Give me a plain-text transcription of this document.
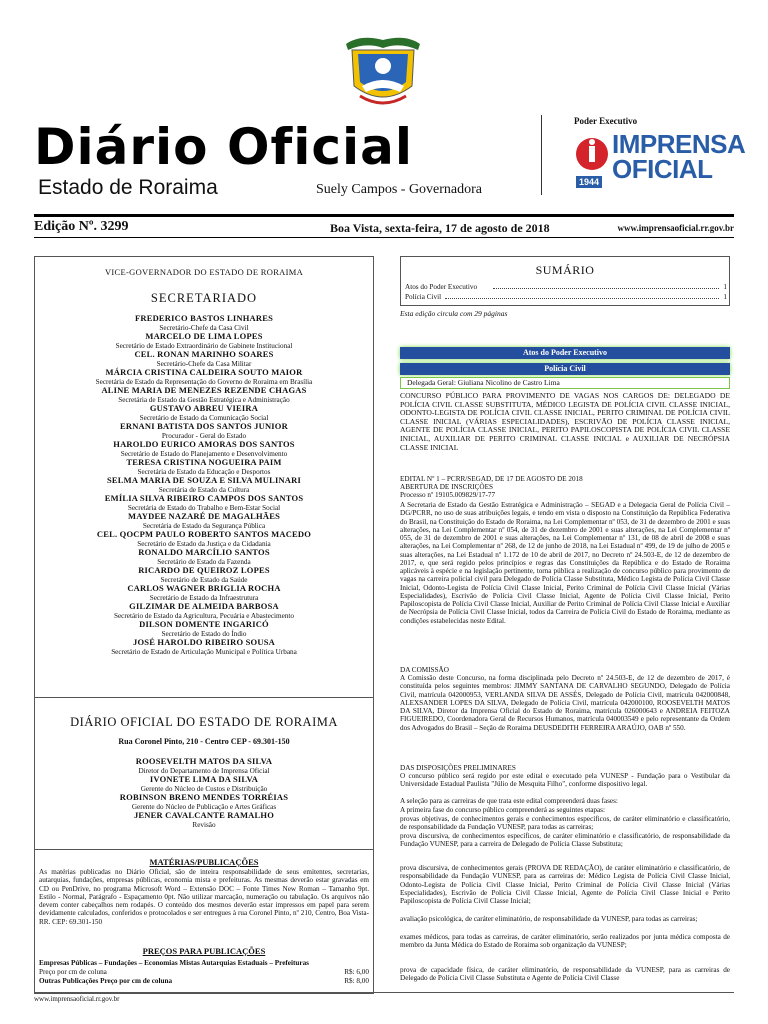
Diário Oficial
Estado de Roraima	Suely Campos - Governadora
Poder Executivo
IMPRENSA
OFICIAL
1944
Edição Nº. 3299	Boa Vista, sexta-feira, 17 de agosto de 2018	www.imprensaoficial.rr.gov.br
VICE-GOVERNADOR DO ESTADO DE RORAIMA
SECRETARIADO
FREDERICO BASTOS LINHARES
Secretário-Chefe da Casa Civil
MARCELO DE LIMA LOPES
Secretário de Estado Extraordinário de Gabinete Institucional
CEL. RONAN MARINHO SOARES
Secretário-Chefe da Casa Militar
MÁRCIA CRISTINA CALDEIRA SOUTO MAIOR
Secretária de Estado da Representação do Governo de Roraima em Brasília
ALINE MARIA DE MENEZES REZENDE CHAGAS
Secretária de Estado da Gestão Estratégica e Administração
GUSTAVO ABREU VIEIRA
Secretário de Estado da Comunicação Social
ERNANI BATISTA DOS SANTOS JUNIOR
Procurador - Geral do Estado
HAROLDO EURICO AMORAS DOS SANTOS
Secretário de Estado do Planejamento e Desenvolvimento
TERESA CRISTINA NOGUEIRA PAIM
Secretária de Estado da Educação e Desportos
SELMA MARIA DE SOUZA E SILVA MULINARI
Secretária de Estado da Cultura
EMÍLIA SILVA RIBEIRO CAMPOS DOS SANTOS
Secretária de Estado do Trabalho e Bem-Estar Social
MAYDEE NAZARÉ DE MAGALHÃES
Secretária de Estado da Segurança Pública
CEL. QOCPM PAULO ROBERTO SANTOS MACEDO
Secretário de Estado da Justiça e da Cidadania
RONALDO MARCÍLIO SANTOS
Secretário de Estado da Fazenda
RICARDO DE QUEIROZ LOPES
Secretário de Estado da Saúde
CARLOS WAGNER BRIGLIA ROCHA
Secretário de Estado da Infraestrutura
GILZIMAR DE ALMEIDA BARBOSA
Secretário de Estado da Agricultura, Pecuária e Abastecimento
DILSON DOMENTE INGARICÓ
Secretário de Estado do Índio
JOSÉ HAROLDO RIBEIRO SOUSA
Secretário de Estado de Articulação Municipal e Política Urbana
DIÁRIO OFICIAL DO ESTADO DE RORAIMA
Rua Coronel Pinto, 210 - Centro CEP - 69.301-150
ROOSEVELTH MATOS DA SILVA
Diretor do Departamento de Imprensa Oficial
IVONETE LIMA DA SILVA
Gerente do Núcleo de Custos e Distribuição
ROBINSON BRENO MENDES TORRÉIAS
Gerente do Núcleo de Publicação e Artes Gráficas
JENER CAVALCANTE RAMALHO
Revisão
MATÉRIAS/PUBLICAÇÕES
As matérias publicadas no Diário Oficial, são de inteira responsabilidade de seus emitentes, secretarias, autarquias, fundações, empresas públicas, economia mista e prefeituras. As mesmas deverão estar gravadas em CD ou PenDrive, no programa Microsoft Word – Extensão DOC – Fonte Times New Roman – Tamanho 9pt. Estilo - Normal, Parágrafo - Espaçamento 0pt. Não utilizar marcação, numeração ou tabulação. Os arquivos não devem conter cabeçalhos nem rodapés. O conteúdo dos mesmos deverão estar impressos em papel para serem devidamente calculados, conferidos e protocolados e ser entregues à rua Coronel Pinto, nº 210, Centro, Boa Vista-RR. CEP: 69.301-150
PREÇOS PARA PUBLICAÇÕES
Empresas Públicas – Fundações – Economias Mistas Autarquias Estaduais – Prefeituras
Preço por cm de coluna	R$: 6,00
Outras Publicações Preço por cm de coluna	R$: 8,00
SUMÁRIO
Atos do Poder Executivo	1
Polícia Civil	1
Esta edição circula com 29 páginas
Atos do Poder Executivo
Polícia Civil
Delegada Geral: Giuliana Nicolino de Castro Lima
CONCURSO PÚBLICO PARA PROVIMENTO DE VAGAS NOS CARGOS DE: DELEGADO DE POLÍCIA CIVIL CLASSE SUBSTITUTA, MÉDICO LEGISTA DE POLÍCIA CIVIL CLASSE INICIAL, ODONTO-LEGISTA DE POLÍCIA CIVIL CLASSE INICIAL, PERITO CRIMINAL DE POLÍCIA CIVIL CLASSE INICIAL (VÁRIAS ESPECIALIDADES), ESCRIVÃO DE POLÍCIA CLASSE INICIAL, AGENTE DE POLÍCIA CLASSE INICIAL, PERITO PAPILOSCOPISTA DE POLÍCIA CIVIL CLASSE INICIAL, AUXILIAR DE PERITO CRIMINAL CLASSE INICIAL e AUXILIAR DE NECRÓPSIA CLASSE INICIAL
EDITAL Nº 1 – PCRR/SEGAD, DE 17 DE AGOSTO DE 2018
ABERTURA DE INSCRIÇÕES
Processo nº 19105.009829/17-77
A Secretaria de Estado da Gestão Estratégica e Administração – SEGAD e a Delegacia Geral de Polícia Civil – DG/PCRR, no uso de suas atribuições legais, e tendo em vista o disposto na Constituição da República Federativa do Brasil, na Constituição do Estado de Roraima, na Lei Complementar nº 053, de 31 de dezembro de 2001 e suas alterações, na Lei Complementar nº 054, de 31 de dezembro de 2001 e suas alterações, na Lei Complementar nº 055, de 31 de dezembro de 2001 e suas alterações, na Lei Complementar nº 131, de 08 de abril de 2008 e suas alterações, na Lei Complementar nº 268, de 12 de junho de 2018, na Lei Estadual nº 499, de 19 de julho de 2005 e suas alterações, na Lei Estadual nº 1.172 de 10 de abril de 2017, no Decreto nº 24.503-E, de 12 de dezembro de 2017, e, que será regido pelos princípios e regras das Constituições da República e do Estado de Roraima aplicáveis à espécie e na legislação pertinente, torna pública a realização de concurso público para provimento de vagas na carreira policial civil para Delegado de Polícia Classe Substituta, Médico Legista de Polícia Civil Classe Inicial, Odonto-Legista de Polícia Civil Classe Inicial, Perito Criminal de Polícia Civil Classe Inicial (Várias Especialidades), Escrivão de Polícia Civil Classe Inicial, Agente de Polícia Civil Classe Inicial, Perito Papiloscopista de Polícia Civil Classe Inicial, Auxiliar de Perito Criminal de Polícia Civil Classe Inicial e Auxiliar de Necrópsia de Polícia Civil Classe Inicial, todos da Carreira de Polícia Civil do Estado de Roraima, mediante as condições estabelecidas neste Edital.
DA COMISSÃO
A Comissão deste Concurso, na forma disciplinada pelo Decreto nº 24.503-E, de 12 de dezembro de 2017, é constituída pelos seguintes membros: JIMMY SANTANA DE CARVALHO SEGUNDO, Delegado de Polícia Civil, matrícula 042000953, VERLANDA SILVA DE ASSÉS, Delegado de Polícia Civil, matrícula 042000848, ALEXSANDER LOPES DA SILVA, Delegado de Polícia Civil, matrícula 042000100, ROOSEVELTH MATOS DA SILVA, Diretor da Imprensa Oficial do Estado de Roraima, matrícula 026000643 e ANDREIA FEITOZA FIGUEIREDO, Coordenadora Geral de Recursos Humanos, matrícula 040003549 e pelo representante da Ordem dos Advogados do Brasil – Seção de Roraima DEUSDEDITH FERREIRA ARAÚJO, OAB nº 550.
DAS DISPOSIÇÕES PRELIMINARES
O concurso público será regido por este edital e executado pela VUNESP - Fundação para o Vestibular da Universidade Estadual Paulista "Júlio de Mesquita Filho", conforme dispositivo legal.
A seleção para as carreiras de que trata este edital compreenderá duas fases:
A primeira fase do concurso público compreenderá as seguintes etapas:
provas objetivas, de conhecimentos gerais e conhecimentos específicos, de caráter eliminatório e classificatório, de responsabilidade da Fundação VUNESP, para todas as carreiras;
prova discursiva, de conhecimentos específicos, de caráter eliminatório e classificatório, de responsabilidade da Fundação VUNESP, para a carreira de Delegado de Polícia Classe Substituta;
prova discursiva, de conhecimentos gerais (PROVA DE REDAÇÃO), de caráter eliminatório e classificatório, de responsabilidade da Fundação VUNESP, para as carreiras de: Médico Legista de Polícia Civil Classe Inicial, Odonto-Legista de Polícia Civil Classe Inicial, Perito Criminal de Polícia Civil Classe Inicial (Várias Especialidades), Escrivão de Polícia Civil Classe Inicial, Agente de Polícia Civil Classe Inicial e Perito Papiloscopista de Polícia Civil Classe Inicial;
avaliação psicológica, de caráter eliminatório, de responsabilidade da VUNESP, para todas as carreiras;
exames médicos, para todas as carreiras, de caráter eliminatório, serão realizados por junta médica composta de membro da Junta Médica do Estado de Roraima sob organização da VUNESP;
prova de capacidade física, de caráter eliminatório, de responsabilidade da VUNESP, para as carreiras de Delegado de Polícia Civil Classe Substituta e Agente de Polícia Civil Classe
www.imprensaoficial.rr.gov.br
